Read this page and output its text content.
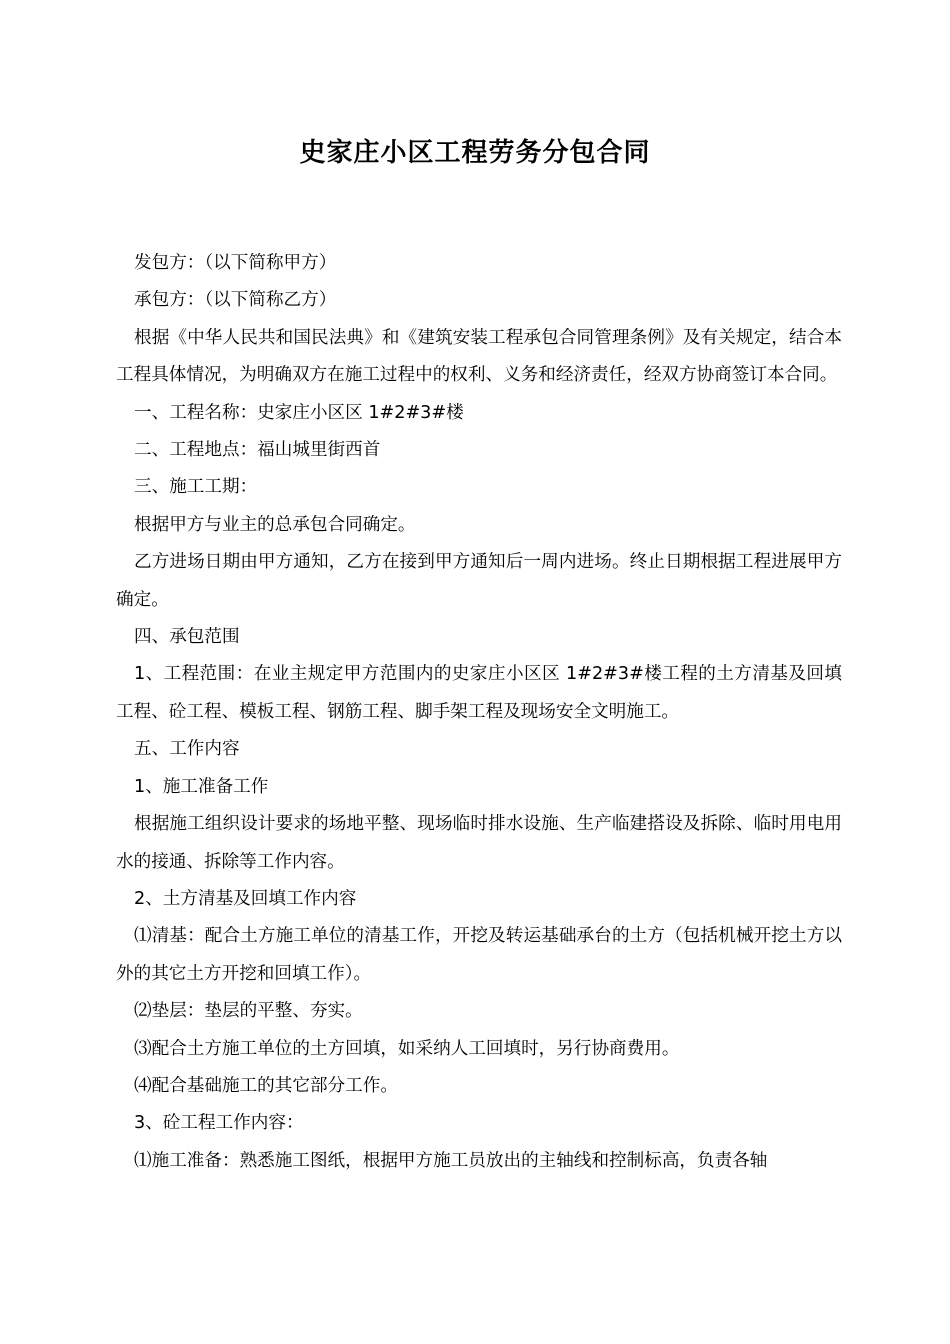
史家庄小区工程劳务分包合同

发包方：（以下简称甲方）

承包方：（以下简称乙方）

根据《中华人民共和国民法典》和《建筑安装工程承包合同管理条例》及有关规定，结合本工程具体情况，为明确双方在施工过程中的权利、义务和经济责任，经双方协商签订本合同。

一、工程名称：史家庄小区区 1#2#3#楼

二、工程地点：福山城里街西首

三、施工工期：

根据甲方与业主的总承包合同确定。

乙方进场日期由甲方通知，乙方在接到甲方通知后一周内进场。终止日期根据工程进展甲方确定。

四、承包范围

1、工程范围：在业主规定甲方范围内的史家庄小区区 1#2#3#楼工程的土方清基及回填工程、砼工程、模板工程、钢筋工程、脚手架工程及现场安全文明施工。

五、工作内容

1、施工准备工作

根据施工组织设计要求的场地平整、现场临时排水设施、生产临建搭设及拆除、临时用电用水的接通、拆除等工作内容。

2、土方清基及回填工作内容

⑴清基：配合土方施工单位的清基工作，开挖及转运基础承台的土方（包括机械开挖土方以外的其它土方开挖和回填工作）。

⑵垫层：垫层的平整、夯实。

⑶配合土方施工单位的土方回填，如采纳人工回填时，另行协商费用。

⑷配合基础施工的其它部分工作。

3、砼工程工作内容：

⑴施工准备：熟悉施工图纸，根据甲方施工员放出的主轴线和控制标高，负责各轴
